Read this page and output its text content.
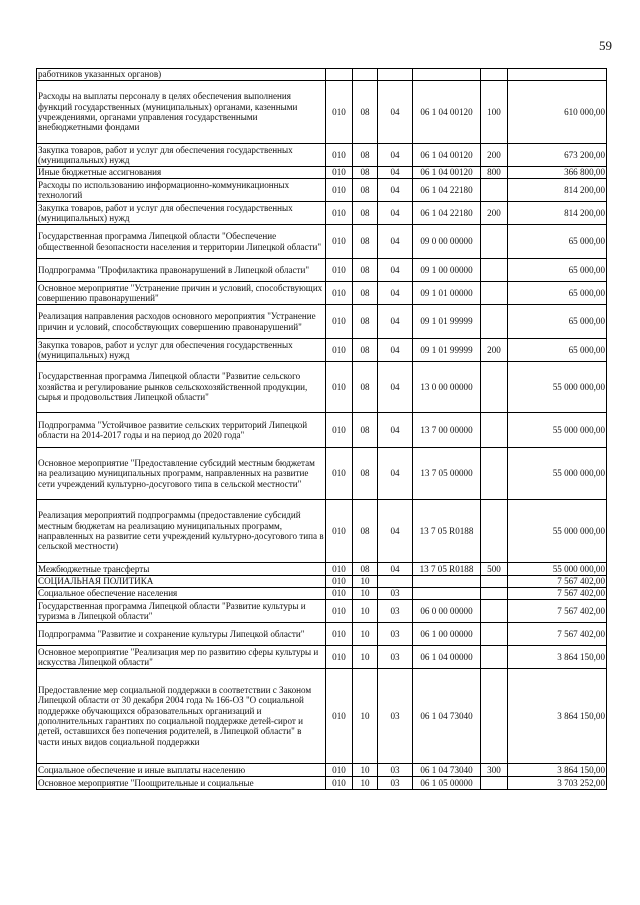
59
работников указанных органов)						
Расходы на выплаты персоналу в целях обеспечения выполнения функций государственных (муниципальных) органами, казенными учреждениями, органами управления государственными внебюджетными фондами	010	08	04	06 1 04 00120	100	610 000,00
Закупка товаров, работ и услуг для обеспечения государственных (муниципальных) нужд	010	08	04	06 1 04 00120	200	673 200,00
Иные бюджетные ассигнования	010	08	04	06 1 04 00120	800	366 800,00
Расходы по использованию информационно-коммуникационных технологий	010	08	04	06 1 04 22180		814 200,00
Закупка товаров, работ и услуг для обеспечения государственных (муниципальных) нужд	010	08	04	06 1 04 22180	200	814 200,00
Государственная программа Липецкой области "Обеспечение общественной безопасности населения и территории Липецкой области"	010	08	04	09 0 00 00000		65 000,00
Подпрограмма "Профилактика правонарушений в Липецкой области"	010	08	04	09 1 00 00000		65 000,00
Основное мероприятие "Устранение причин и условий, способствующих совершению правонарушений"	010	08	04	09 1 01 00000		65 000,00
Реализация направления расходов основного мероприятия "Устранение причин и условий, способствующих совершению правонарушений"	010	08	04	09 1 01 99999		65 000,00
Закупка товаров, работ и услуг для обеспечения государственных (муниципальных) нужд	010	08	04	09 1 01 99999	200	65 000,00
Государственная программа Липецкой области "Развитие сельского хозяйства и регулирование рынков сельскохозяйственной продукции, сырья и продовольствия Липецкой области"	010	08	04	13 0 00 00000		55 000 000,00
Подпрограмма "Устойчивое развитие сельских территорий Липецкой области на 2014-2017 годы и на период до 2020 года"	010	08	04	13 7 00 00000		55 000 000,00
Основное мероприятие "Предоставление субсидий местным бюджетам на реализацию муниципальных программ, направленных на развитие сети учреждений культурно-досугового типа в сельской местности"	010	08	04	13 7 05 00000		55 000 000,00
Реализация мероприятий подпрограммы (предоставление субсидий местным бюджетам на реализацию муниципальных программ, направленных на развитие сети учреждений культурно-досугового типа в сельской местности)	010	08	04	13 7 05 R0188		55 000 000,00
Межбюджетные трансферты	010	08	04	13 7 05 R0188	500	55 000 000,00
СОЦИАЛЬНАЯ ПОЛИТИКА	010	10				7 567 402,00
Социальное обеспечение населения	010	10	03			7 567 402,00
Государственная программа Липецкой области "Развитие культуры и туризма в Липецкой области"	010	10	03	06 0 00 00000		7 567 402,00
Подпрограмма "Развитие и сохранение культуры Липецкой области"	010	10	03	06 1 00 00000		7 567 402,00
Основное мероприятие "Реализация мер по развитию сферы культуры и искусства Липецкой области"	010	10	03	06 1 04 00000		3 864 150,00
Предоставление мер социальной поддержки в соответствии с Законом Липецкой области от 30 декабря 2004 года № 166-ОЗ "О социальной поддержке обучающихся образовательных организаций и дополнительных гарантиях по социальной поддержке детей-сирот и детей, оставшихся без попечения родителей, в Липецкой области" в части иных видов социальной поддержки	010	10	03	06 1 04 73040		3 864 150,00
Социальное обеспечение и иные выплаты населению	010	10	03	06 1 04 73040	300	3 864 150,00
Основное мероприятие "Поощрительные и социальные	010	10	03	06 1 05 00000		3 703 252,00
